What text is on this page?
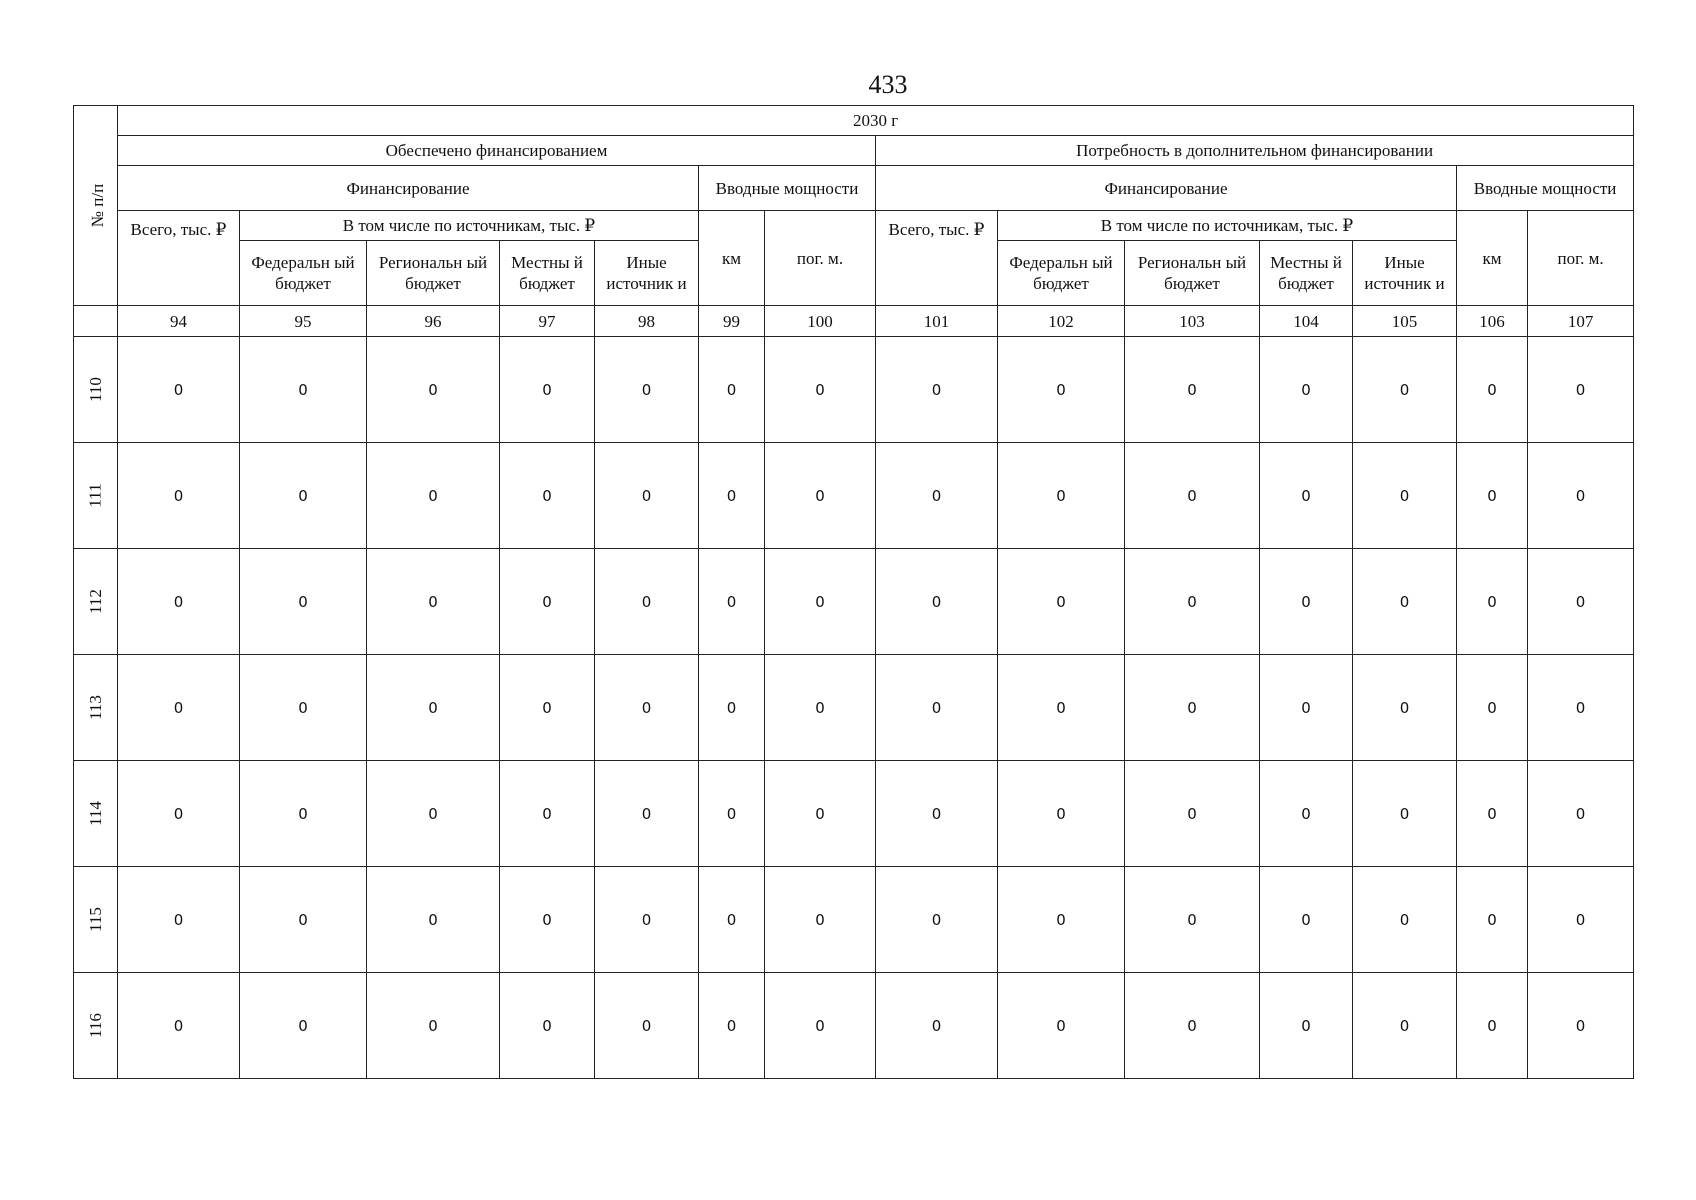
433
№ п/п	2030 г													
	Обеспечено финансированием							Потребность в дополнительном финансировании						
	Финансирование					Вводные мощности		Финансирование					Вводные мощности	
	Всего, тыс. ₽	В том числе по источникам, тыс. ₽				км	пог. м.	Всего, тыс. ₽	В том числе по источникам, тыс. ₽				км	пог. м.
		Федеральн ый бюджет	Региональн ый бюджет	Местны й бюджет	Иные источник и				Федеральн ый бюджет	Региональн ый бюджет	Местны й бюджет	Иные источник и		
	94	95	96	97	98	99	100	101	102	103	104	105	106	107
110	0	0	0	0	0	0	0	0	0	0	0	0	0	0
111	0	0	0	0	0	0	0	0	0	0	0	0	0	0
112	0	0	0	0	0	0	0	0	0	0	0	0	0	0
113	0	0	0	0	0	0	0	0	0	0	0	0	0	0
114	0	0	0	0	0	0	0	0	0	0	0	0	0	0
115	0	0	0	0	0	0	0	0	0	0	0	0	0	0
116	0	0	0	0	0	0	0	0	0	0	0	0	0	0
